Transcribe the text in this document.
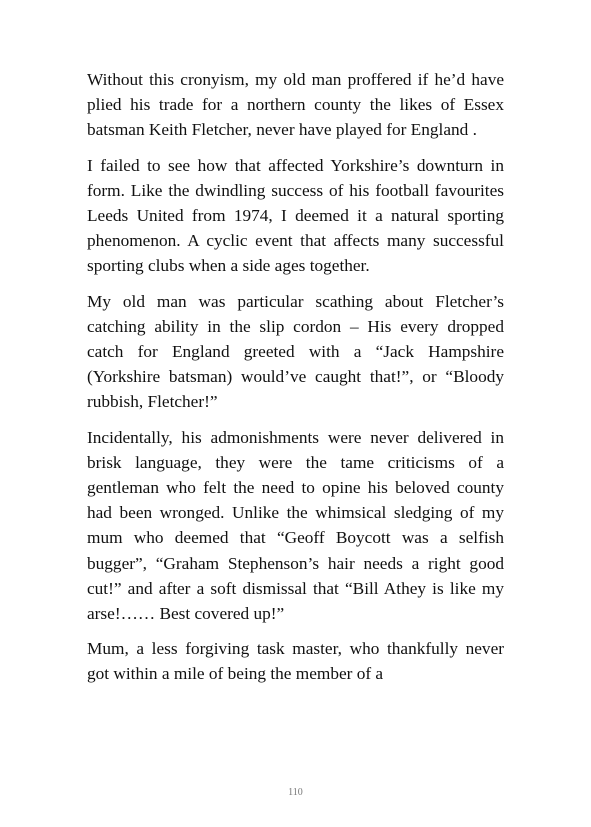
Without this cronyism, my old man proffered if he’d have plied his trade for a northern county the likes of Essex batsman Keith Fletcher, never have played for England .

I failed to see how that affected Yorkshire’s downturn in form. Like the dwindling success of his football favourites Leeds United from 1974, I deemed it a natural sporting phenomenon. A cyclic event that affects many successful sporting clubs when a side ages together.

My old man was particular scathing about Fletcher’s catching ability in the slip cordon – His every dropped catch for England greeted with a “Jack Hampshire (Yorkshire batsman) would’ve caught that!”, or “Bloody rubbish, Fletcher!”

Incidentally, his admonishments were never delivered in brisk language, they were the tame criticisms of a gentleman who felt the need to opine his beloved county had been wronged. Unlike the whimsical sledging of my mum who deemed that “Geoff Boycott was a selfish bugger”, “Graham Stephenson’s hair needs a right good cut!” and after a soft dismissal that “Bill Athey is like my arse!…… Best covered up!”

Mum, a less forgiving task master, who thankfully never got within a mile of being the member of a

110
